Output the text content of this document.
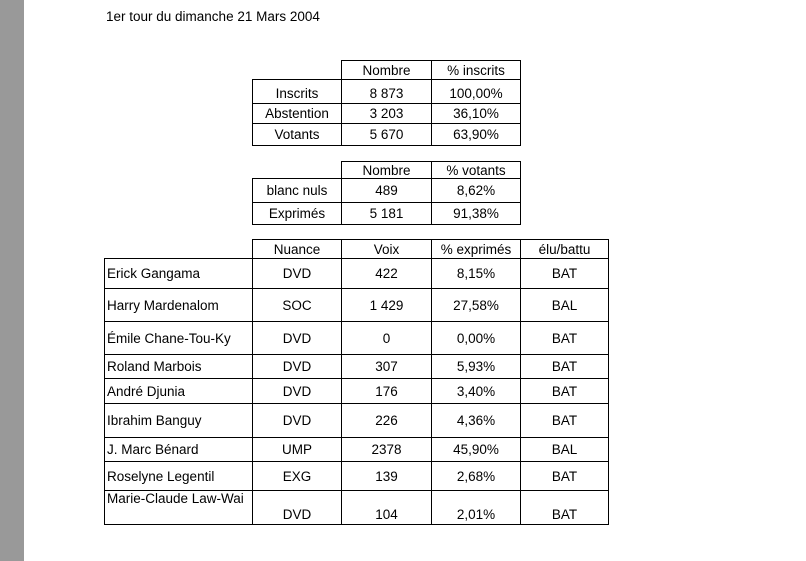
1er tour du dimanche 21 Mars 2004
	Nombre	% inscrits
Inscrits	8 873	100,00%
Abstention	3 203	36,10%
Votants	5 670	63,90%
	Nombre	% votants
blanc nuls	489	8,62%
Exprimés	5 181	91,38%
	Nuance	Voix	% exprimés	élu/battu
Erick Gangama	DVD	422	8,15%	BAT
Harry Mardenalom	SOC	1 429	27,58%	BAL
Émile Chane-Tou-Ky	DVD	0	0,00%	BAT
Roland Marbois	DVD	307	5,93%	BAT
André Djunia	DVD	176	3,40%	BAT
Ibrahim Banguy	DVD	226	4,36%	BAT
J. Marc Bénard	UMP	2378	45,90%	BAL
Roselyne Legentil	EXG	139	2,68%	BAT
Marie-Claude Law-Wai	DVD	104	2,01%	BAT
